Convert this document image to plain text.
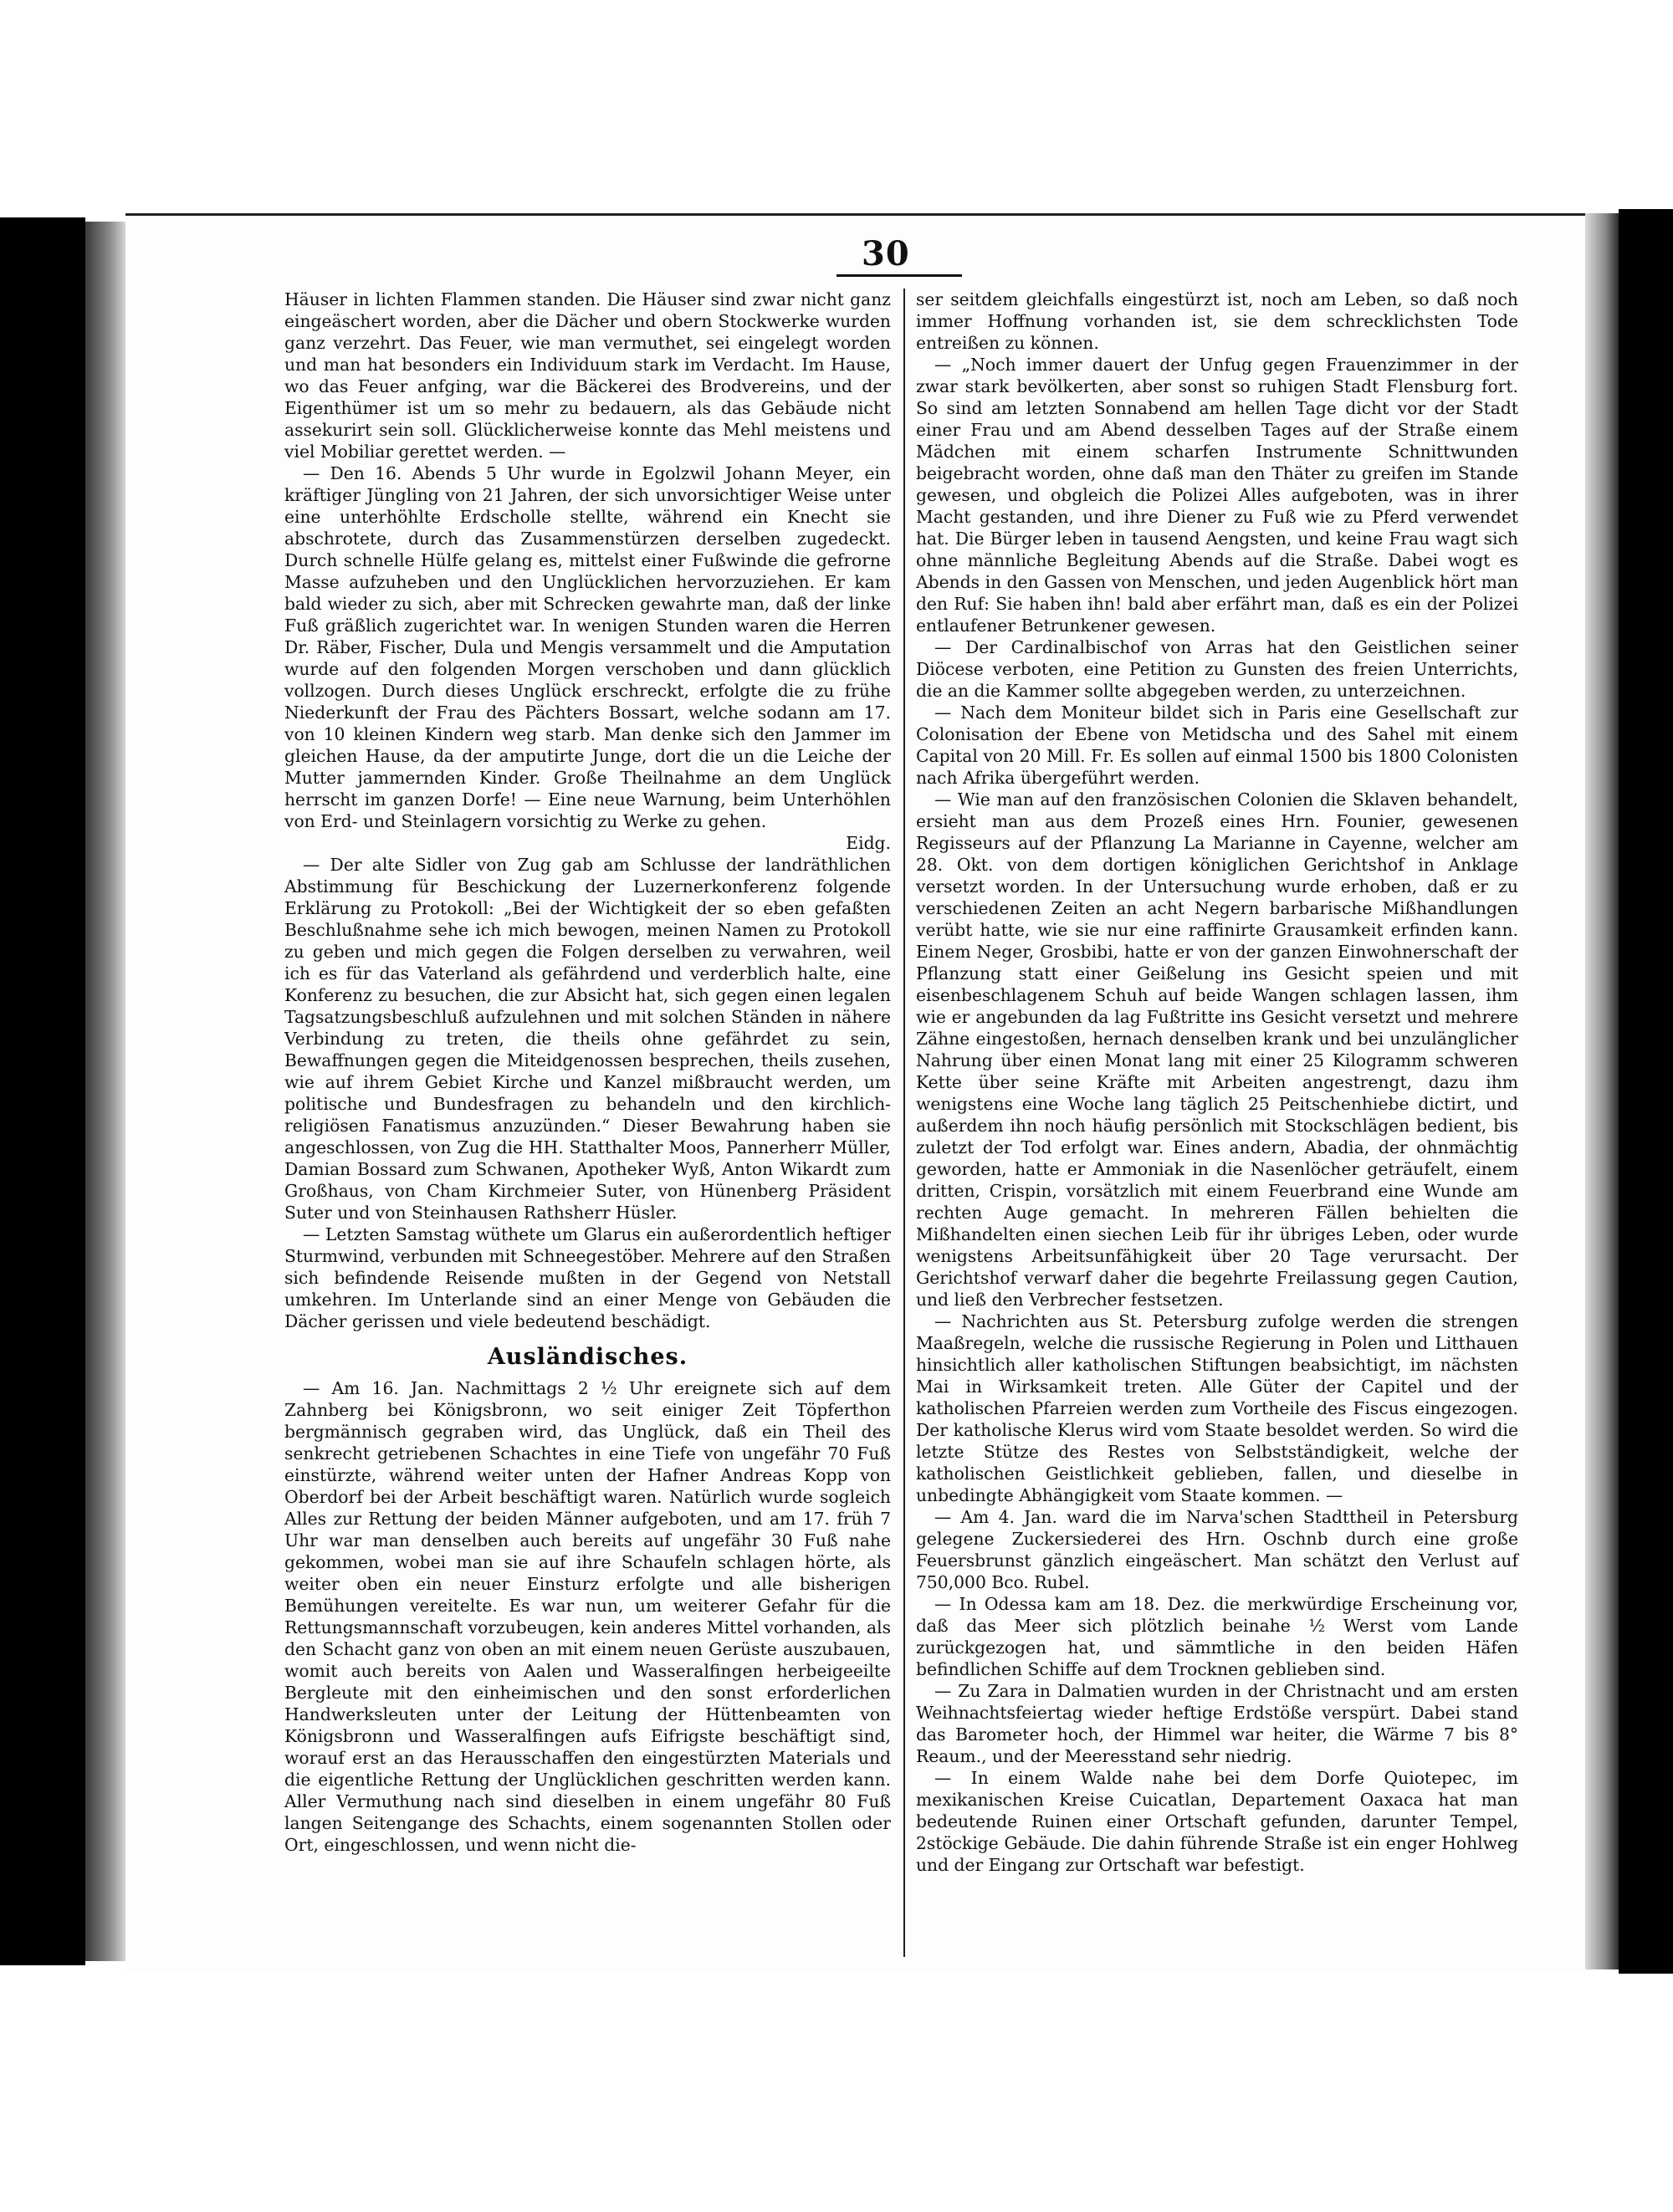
30

Häuser in lichten Flammen standen. Die Häuser sind zwar nicht ganz eingeäschert worden, aber die Dächer und obern Stockwerke wurden ganz verzehrt. Das Feuer, wie man vermuthet, sei eingelegt worden und man hat besonders ein Individuum stark im Verdacht. Im Hause, wo das Feuer anfging, war die Bäckerei des Brodvereins, und der Eigenthümer ist um so mehr zu bedauern, als das Gebäude nicht assekurirt sein soll. Glücklicherweise konnte das Mehl meistens und viel Mobiliar gerettet werden. —

— Den 16. Abends 5 Uhr wurde in Egolzwil Johann Meyer, ein kräftiger Jüngling von 21 Jahren, der sich unvorsichtiger Weise unter eine unterhöhlte Erdscholle stellte, während ein Knecht sie abschrotete, durch das Zusammenstürzen derselben zugedeckt. Durch schnelle Hülfe gelang es, mittelst einer Fußwinde die gefrorne Masse aufzuheben und den Unglücklichen hervorzuziehen. Er kam bald wieder zu sich, aber mit Schrecken gewahrte man, daß der linke Fuß gräßlich zugerichtet war. In wenigen Stunden waren die Herren Dr. Räber, Fischer, Dula und Mengis versammelt und die Amputation wurde auf den folgenden Morgen verschoben und dann glücklich vollzogen. Durch dieses Unglück erschreckt, erfolgte die zu frühe Niederkunft der Frau des Pächters Bossart, welche sodann am 17. von 10 kleinen Kindern weg starb. Man denke sich den Jammer im gleichen Hause, da der amputirte Junge, dort die un die Leiche der Mutter jammernden Kinder. Große Theilnahme an dem Unglück herrscht im ganzen Dorfe! — Eine neue Warnung, beim Unterhöhlen von Erd- und Steinlagern vorsichtig zu Werke zu gehen.
Eidg.

— Der alte Sidler von Zug gab am Schlusse der landräthlichen Abstimmung für Beschickung der Luzernerkonferenz folgende Erklärung zu Protokoll: „Bei der Wichtigkeit der so eben gefaßten Beschlußnahme sehe ich mich bewogen, meinen Namen zu Protokoll zu geben und mich gegen die Folgen derselben zu verwahren, weil ich es für das Vaterland als gefährdend und verderblich halte, eine Konferenz zu besuchen, die zur Absicht hat, sich gegen einen legalen Tagsatzungsbeschluß aufzulehnen und mit solchen Ständen in nähere Verbindung zu treten, die theils ohne gefährdet zu sein, Bewaffnungen gegen die Miteidgenossen besprechen, theils zusehen, wie auf ihrem Gebiet Kirche und Kanzel mißbraucht werden, um politische und Bundesfragen zu behandeln und den kirchlich-religiösen Fanatismus anzuzünden.“ Dieser Bewahrung haben sie angeschlossen, von Zug die HH. Statthalter Moos, Pannerherr Müller, Damian Bossard zum Schwanen, Apotheker Wyß, Anton Wikardt zum Großhaus, von Cham Kirchmeier Suter, von Hünenberg Präsident Suter und von Steinhausen Rathsherr Hüsler.

— Letzten Samstag wüthete um Glarus ein außerordentlich heftiger Sturmwind, verbunden mit Schneegestöber. Mehrere auf den Straßen sich befindende Reisende mußten in der Gegend von Netstall umkehren. Im Unterlande sind an einer Menge von Gebäuden die Dächer gerissen und viele bedeutend beschädigt.

Ausländisches.

— Am 16. Jan. Nachmittags 2 ½ Uhr ereignete sich auf dem Zahnberg bei Königsbronn, wo seit einiger Zeit Töpferthon bergmännisch gegraben wird, das Unglück, daß ein Theil des senkrecht getriebenen Schachtes in eine Tiefe von ungefähr 70 Fuß einstürzte, während weiter unten der Hafner Andreas Kopp von Oberdorf bei der Arbeit beschäftigt waren. Natürlich wurde sogleich Alles zur Rettung der beiden Männer aufgeboten, und am 17. früh 7 Uhr war man denselben auch bereits auf ungefähr 30 Fuß nahe gekommen, wobei man sie auf ihre Schaufeln schlagen hörte, als weiter oben ein neuer Einsturz erfolgte und alle bisherigen Bemühungen vereitelte. Es war nun, um weiterer Gefahr für die Rettungsmannschaft vorzubeugen, kein anderes Mittel vorhanden, als den Schacht ganz von oben an mit einem neuen Gerüste auszubauen, womit auch bereits von Aalen und Wasseralfingen herbeigeeilte Bergleute mit den einheimischen und den sonst erforderlichen Handwerksleuten unter der Leitung der Hüttenbeamten von Königsbronn und Wasseralfingen aufs Eifrigste beschäftigt sind, worauf erst an das Herausschaffen den eingestürzten Materials und die eigentliche Rettung der Unglücklichen geschritten werden kann. Aller Vermuthung nach sind dieselben in einem ungefähr 80 Fuß langen Seitengange des Schachts, einem sogenannten Stollen oder Ort, eingeschlossen, und wenn nicht die-

ser seitdem gleichfalls eingestürzt ist, noch am Leben, so daß noch immer Hoffnung vorhanden ist, sie dem schrecklichsten Tode entreißen zu können.

— „Noch immer dauert der Unfug gegen Frauenzimmer in der zwar stark bevölkerten, aber sonst so ruhigen Stadt Flensburg fort. So sind am letzten Sonnabend am hellen Tage dicht vor der Stadt einer Frau und am Abend desselben Tages auf der Straße einem Mädchen mit einem scharfen Instrumente Schnittwunden beigebracht worden, ohne daß man den Thäter zu greifen im Stande gewesen, und obgleich die Polizei Alles aufgeboten, was in ihrer Macht gestanden, und ihre Diener zu Fuß wie zu Pferd verwendet hat. Die Bürger leben in tausend Aengsten, und keine Frau wagt sich ohne männliche Begleitung Abends auf die Straße. Dabei wogt es Abends in den Gassen von Menschen, und jeden Augenblick hört man den Ruf: Sie haben ihn! bald aber erfährt man, daß es ein der Polizei entlaufener Betrunkener gewesen.

— Der Cardinalbischof von Arras hat den Geistlichen seiner Diöcese verboten, eine Petition zu Gunsten des freien Unterrichts, die an die Kammer sollte abgegeben werden, zu unterzeichnen.

— Nach dem Moniteur bildet sich in Paris eine Gesellschaft zur Colonisation der Ebene von Metidscha und des Sahel mit einem Capital von 20 Mill. Fr. Es sollen auf einmal 1500 bis 1800 Colonisten nach Afrika übergeführt werden.

— Wie man auf den französischen Colonien die Sklaven behandelt, ersieht man aus dem Prozeß eines Hrn. Founier, gewesenen Regisseurs auf der Pflanzung La Marianne in Cayenne, welcher am 28. Okt. von dem dortigen königlichen Gerichtshof in Anklage versetzt worden. In der Untersuchung wurde erhoben, daß er zu verschiedenen Zeiten an acht Negern barbarische Mißhandlungen verübt hatte, wie sie nur eine raffinirte Grausamkeit erfinden kann. Einem Neger, Grosbibi, hatte er von der ganzen Einwohnerschaft der Pflanzung statt einer Geißelung ins Gesicht speien und mit eisenbeschlagenem Schuh auf beide Wangen schlagen lassen, ihm wie er angebunden da lag Fußtritte ins Gesicht versetzt und mehrere Zähne eingestoßen, hernach denselben krank und bei unzulänglicher Nahrung über einen Monat lang mit einer 25 Kilogramm schweren Kette über seine Kräfte mit Arbeiten angestrengt, dazu ihm wenigstens eine Woche lang täglich 25 Peitschenhiebe dictirt, und außerdem ihn noch häufig persönlich mit Stockschlägen bedient, bis zuletzt der Tod erfolgt war. Eines andern, Abadia, der ohnmächtig geworden, hatte er Ammoniak in die Nasenlöcher geträufelt, einem dritten, Crispin, vorsätzlich mit einem Feuerbrand eine Wunde am rechten Auge gemacht. In mehreren Fällen behielten die Mißhandelten einen siechen Leib für ihr übriges Leben, oder wurde wenigstens Arbeitsunfähigkeit über 20 Tage verursacht. Der Gerichtshof verwarf daher die begehrte Freilassung gegen Caution, und ließ den Verbrecher festsetzen.

— Nachrichten aus St. Petersburg zufolge werden die strengen Maaßregeln, welche die russische Regierung in Polen und Litthauen hinsichtlich aller katholischen Stiftungen beabsichtigt, im nächsten Mai in Wirksamkeit treten. Alle Güter der Capitel und der katholischen Pfarreien werden zum Vortheile des Fiscus eingezogen. Der katholische Klerus wird vom Staate besoldet werden. So wird die letzte Stütze des Restes von Selbstständigkeit, welche der katholischen Geistlichkeit geblieben, fallen, und dieselbe in unbedingte Abhängigkeit vom Staate kommen. —

— Am 4. Jan. ward die im Narva'schen Stadttheil in Petersburg gelegene Zuckersiederei des Hrn. Oschnb durch eine große Feuersbrunst gänzlich eingeäschert. Man schätzt den Verlust auf 750,000 Bco. Rubel.

— In Odessa kam am 18. Dez. die merkwürdige Erscheinung vor, daß das Meer sich plötzlich beinahe ½ Werst vom Lande zurückgezogen hat, und sämmtliche in den beiden Häfen befindlichen Schiffe auf dem Trocknen geblieben sind.

— Zu Zara in Dalmatien wurden in der Christnacht und am ersten Weihnachtsfeiertag wieder heftige Erdstöße verspürt. Dabei stand das Barometer hoch, der Himmel war heiter, die Wärme 7 bis 8° Reaum., und der Meeresstand sehr niedrig.

— In einem Walde nahe bei dem Dorfe Quiotepec, im mexikanischen Kreise Cuicatlan, Departement Oaxaca hat man bedeutende Ruinen einer Ortschaft gefunden, darunter Tempel, 2stöckige Gebäude. Die dahin führende Straße ist ein enger Hohlweg und der Eingang zur Ortschaft war befestigt.
